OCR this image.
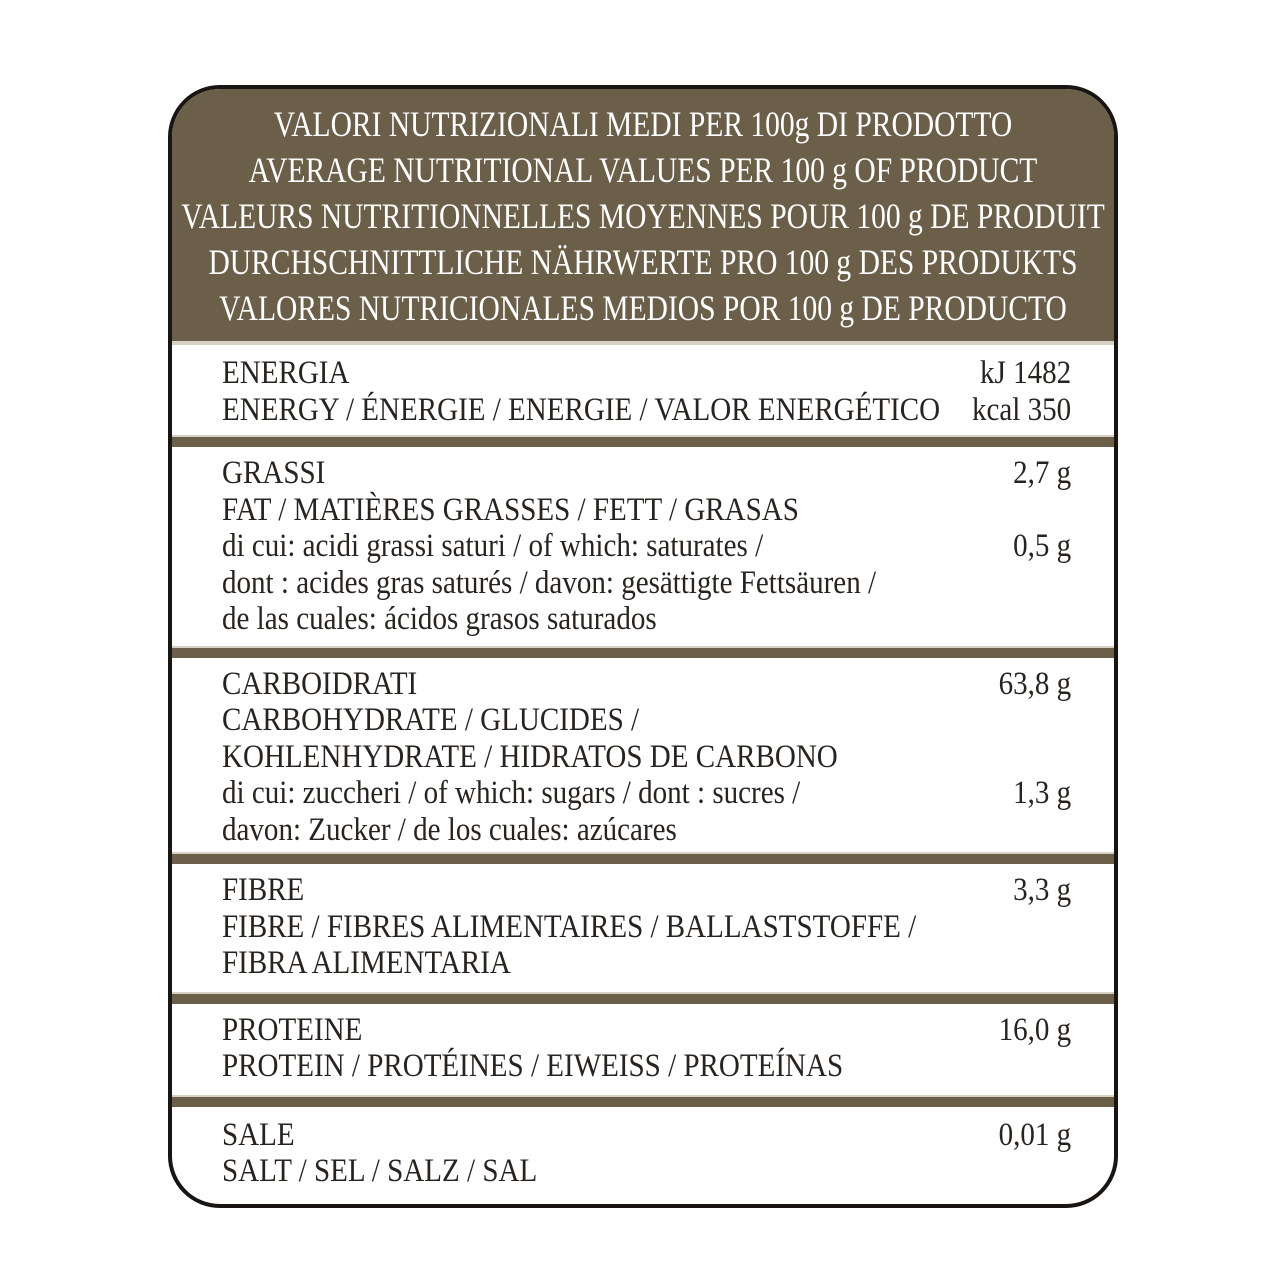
VALORI NUTRIZIONALI MEDI PER 100g DI PRODOTTO
AVERAGE NUTRITIONAL VALUES PER 100 g OF PRODUCT
VALEURS NUTRITIONNELLES MOYENNES POUR 100 g DE PRODUIT
DURCHSCHNITTLICHE NÄHRWERTE PRO 100 g DES PRODUKTS
VALORES NUTRICIONALES MEDIOS POR 100 g DE PRODUCTO
ENERGIA	kJ 1482
ENERGY / ÉNERGIE / ENERGIE / VALOR ENERGÉTICO kcal 350
GRASSI	2,7 g
FAT / MATIÈRES GRASSES / FETT / GRASAS
di cui: acidi grassi saturi / of which: saturates /	0,5 g
dont : acides gras saturés / davon: gesättigte Fettsäuren /
de las cuales: ácidos grasos saturados
CARBOIDRATI	63,8 g
CARBOHYDRATE / GLUCIDES /
KOHLENHYDRATE / HIDRATOS DE CARBONO
di cui: zuccheri / of which: sugars / dont : sucres /	1,3 g
davon: Zucker / de los cuales: azúcares
FIBRE	3,3 g
FIBRE / FIBRES ALIMENTAIRES / BALLASTSTOFFE /
FIBRA ALIMENTARIA
PROTEINE	16,0 g
PROTEIN / PROTÉINES / EIWEISS / PROTEÍNAS
SALE	0,01 g
SALT / SEL / SALZ / SAL
